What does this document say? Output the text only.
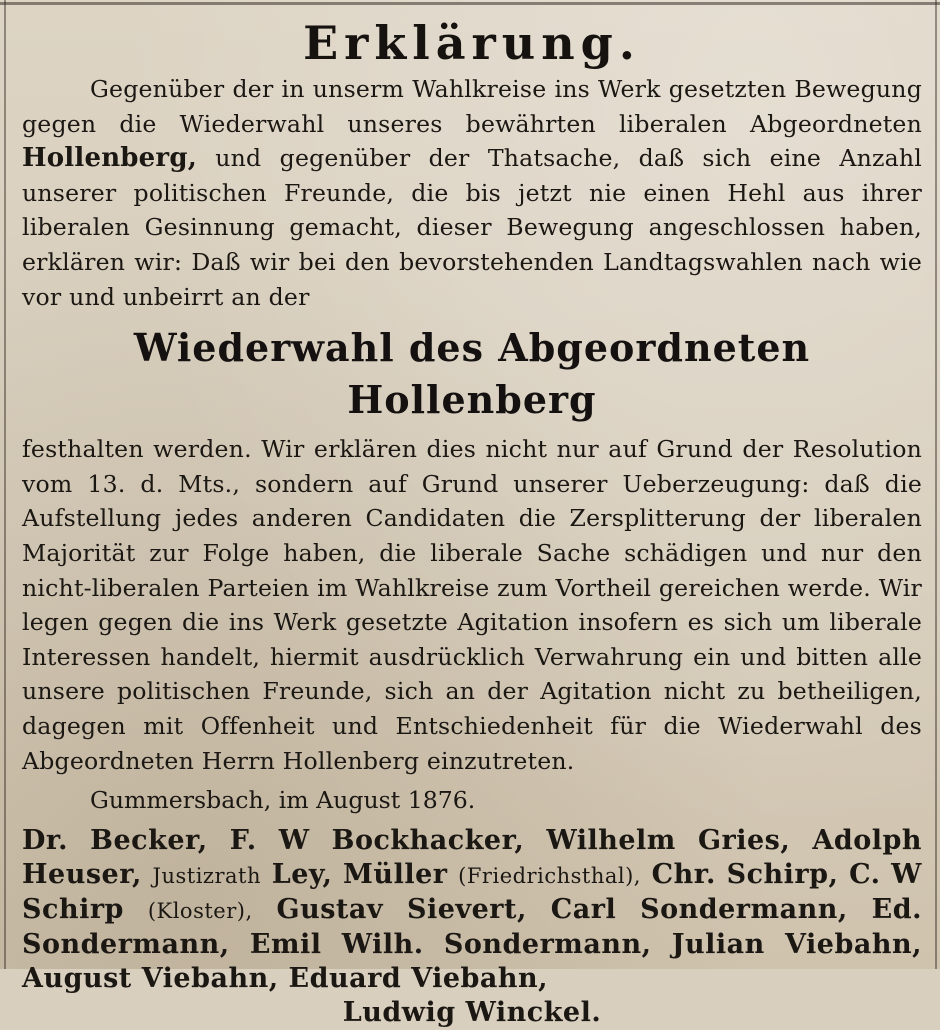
Erklärung.

Gegenüber der in unserm Wahlkreise ins Werk gesetzten Bewegung gegen die Wiederwahl unseres bewährten liberalen Abgeordneten Hollenberg, und gegenüber der Thatsache, daß sich eine Anzahl unserer politischen Freunde, die bis jetzt nie einen Hehl aus ihrer liberalen Gesinnung gemacht, dieser Bewegung angeschlossen haben, erklären wir: Daß wir bei den bevorstehenden Landtagswahlen nach wie vor und unbeirrt an der

Wiederwahl des Abgeordneten Hollenberg

festhalten werden. Wir erklären dies nicht nur auf Grund der Resolution vom 13. d. Mts., sondern auf Grund unserer Ueberzeugung: daß die Aufstellung jedes anderen Candidaten die Zersplitterung der liberalen Majorität zur Folge haben, die liberale Sache schädigen und nur den nicht-liberalen Parteien im Wahlkreise zum Vortheil gereichen werde. Wir legen gegen die ins Werk gesetzte Agitation insofern es sich um liberale Interessen handelt, hiermit ausdrücklich Verwahrung ein und bitten alle unsere politischen Freunde, sich an der Agitation nicht zu betheiligen, dagegen mit Offenheit und Entschiedenheit für die Wiederwahl des Abgeordneten Herrn Hollenberg einzutreten.

Gummersbach, im August 1876.

Dr. Becker, F. W Bockhacker, Wilhelm Gries, Adolph Heuser, Justizrath Ley, Müller (Friedrichsthal), Chr. Schirp, C. W Schirp (Kloster), Gustav Sievert, Carl Sondermann, Ed. Sondermann, Emil Wilh. Sondermann, Julian Viebahn, August Viebahn, Eduard Viebahn,

Ludwig Winckel.
